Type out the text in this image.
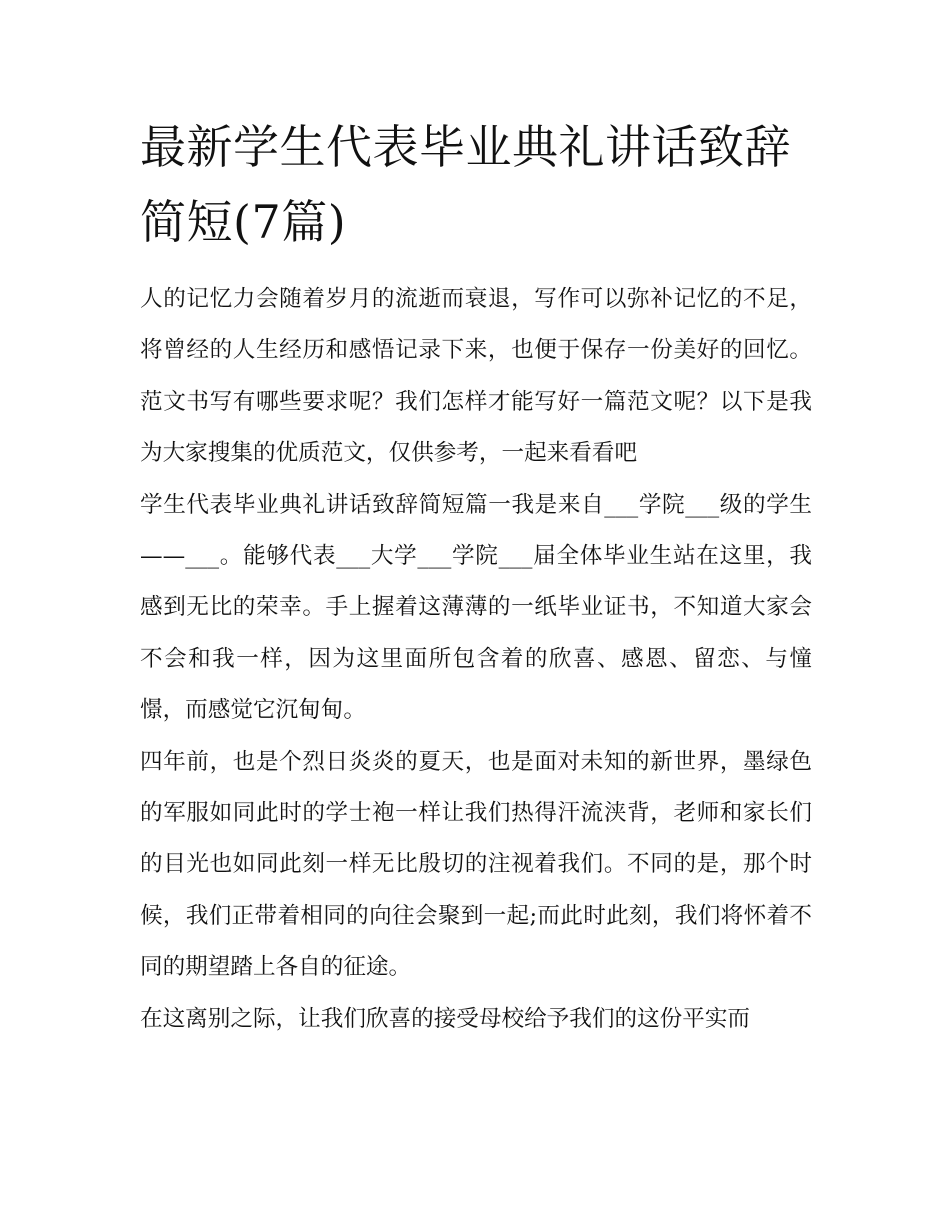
最新学生代表毕业典礼讲话致辞简短(7篇)

人的记忆力会随着岁月的流逝而衰退，写作可以弥补记忆的不足，将曾经的人生经历和感悟记录下来，也便于保存一份美好的回忆。范文书写有哪些要求呢？我们怎样才能写好一篇范文呢？以下是我为大家搜集的优质范文，仅供参考，一起来看看吧

学生代表毕业典礼讲话致辞简短篇一我是来自___学院___级的学生——___。能够代表___大学___学院___届全体毕业生站在这里，我感到无比的荣幸。手上握着这薄薄的一纸毕业证书，不知道大家会不会和我一样，因为这里面所包含着的欣喜、感恩、留恋、与憧憬，而感觉它沉甸甸。

四年前，也是个烈日炎炎的夏天，也是面对未知的新世界，墨绿色的军服如同此时的学士袍一样让我们热得汗流浃背，老师和家长们的目光也如同此刻一样无比殷切的注视着我们。不同的是，那个时候，我们正带着相同的向往会聚到一起;而此时此刻，我们将怀着不同的期望踏上各自的征途。

在这离别之际，让我们欣喜的接受母校给予我们的这份平实而
